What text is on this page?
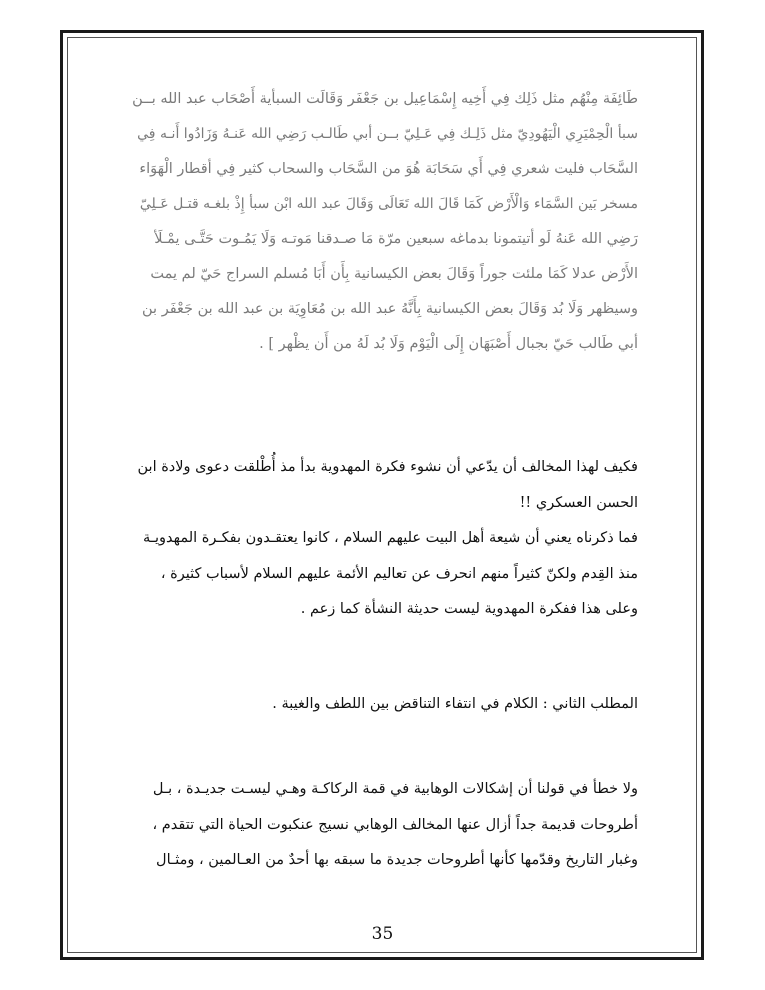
طَائِفَة مِنْهُم مثل ذَلِك فِي أَخِيه إِسْمَاعِيل بن جَعْفَر وَقَالَت السبأية أَصْحَاب عبد الله بــن

سبأ الْحِمْيَرِي الْيَهُودِيّ مثل ذَلِـك فِي عَـلِيّ بــن أبي طَالـب رَضِي الله عَنـهُ وَزَادُوا أَنـه فِي

السَّحَاب فليت شعري فِي أَي سَحَابَة هُوَ من السَّحَاب والسحاب كثير فِي أقطار الْهَوَاء

مسخر بَين السَّمَاء وَالْأَرْض كَمَا قَالَ الله تَعَالَى وَقَالَ عبد الله ابْن سبأ إِذْ بلغـه قتـل عَـلِيّ

رَضِي الله عَنهُ لَو أتيتمونا بدماغه سبعين مرّة مَا صـدقنا مَوتـه وَلَا يَمُـوت حَتَّـى يمْـلَأ

الأَرْض عدلا كَمَا ملئت جوراً وَقَالَ بعض الكيسانية بِأَن أَبَا مُسلم السراج حَيّ لم يمت

وسيظهر وَلَا بُد وَقَالَ بعض الكيسانية بِأَنَّهُ عبد الله بن مُعَاوِيَة بن عبد الله بن جَعْفَر بن

أبي طَالب حَيّ بجبال أَصْبَهَان إِلَى الْيَوْم وَلَا بُد لَهُ من أَن يظْهر ] .

فكيف لهذا المخالف أن يدّعي أن نشوء فكرة المهدوية بدأ مذ أُطْلقت دعوى ولادة ابن

الحسن العسكري !!

فما ذكرناه يعني أن شيعة أهل البيت عليهم السلام ، كانوا يعتقـدون بفكـرة المهدويـة

منذ القِدم ولكنّ كثيراً منهم انحرف عن تعاليم الأئمة عليهم السلام لأسباب كثيرة ،

وعلى هذا ففكرة المهدوية ليست حديثة النشأة كما زعم .

المطلب الثاني : الكلام في انتفاء التناقض بين اللطف والغيبة .

ولا خطأ في قولنا أن إشكالات الوهابية في قمة الركاكـة وهـي ليسـت جديـدة ، بـل

أطروحات قديمة جداً أزال عنها المخالف الوهابي نسيج عنكبوت الحياة التي تتقدم ،

وغبار التاريخ وقدّمها كأنها أطروحات جديدة ما سبقه بها أحدٌ من العـالمين ، ومثـال

35
